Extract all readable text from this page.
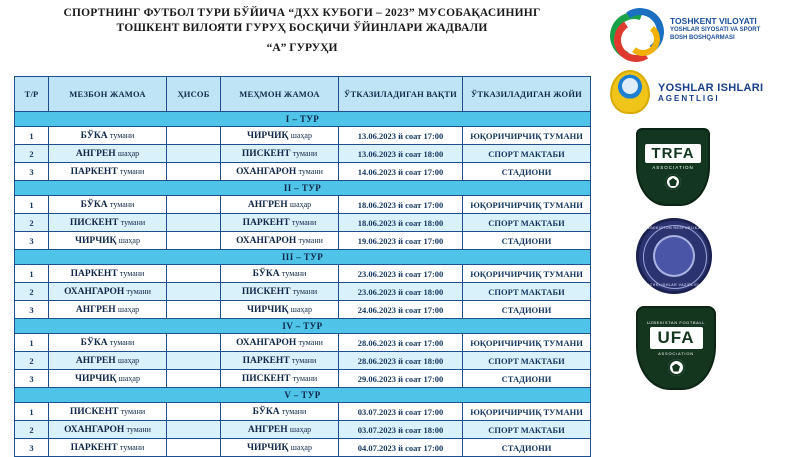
СПОРТНИНГ ФУТБОЛ ТУРИ БЎЙИЧА “ДХХ КУБОГИ – 2023” МУСОБАҚАСИНИНГ
ТОШКЕНТ ВИЛОЯТИ ГУРУҲ БОСҚИЧИ ЎЙИНЛАРИ ЖАДВАЛИ
“А” ГУРУҲИ
Т/Р	МЕЗБОН ЖАМОА	ҲИСОБ	МЕҲМОН ЖАМОА	ЎТКАЗИЛАДИГАН ВАҚТИ	ЎТКАЗИЛАДИГАН ЖОЙИ
I – ТУР					
1	БЎКА тумани		ЧИРЧИҚ шаҳар	13.06.2023 й соат 17:00	ЮҚОРИЧИРЧИҚ ТУМАНИ
2	АНГРЕН шаҳар		ПИСКЕНТ тумани	13.06.2023 й соат 18:00	СПОРТ МАКТАБИ
3	ПАРКЕНТ тумани		ОХАНГАРОН тумани	14.06.2023 й соат 17:00	СТАДИОНИ
II – ТУР					
1	БЎКА тумани		АНГРЕН шаҳар	18.06.2023 й соат 17:00	ЮҚОРИЧИРЧИҚ ТУМАНИ
2	ПИСКЕНТ тумани		ПАРКЕНТ тумани	18.06.2023 й соат 18:00	СПОРТ МАКТАБИ
3	ЧИРЧИҚ шаҳар		ОХАНГАРОН тумани	19.06.2023 й соат 17:00	СТАДИОНИ
III – ТУР					
1	ПАРКЕНТ тумани		БЎКА тумани	23.06.2023 й соат 17:00	ЮҚОРИЧИРЧИҚ ТУМАНИ
2	ОХАНГАРОН тумани		ПИСКЕНТ тумани	23.06.2023 й соат 18:00	СПОРТ МАКТАБИ
3	АНГРЕН шаҳар		ЧИРЧИҚ шаҳар	24.06.2023 й соат 17:00	СТАДИОНИ
IV – ТУР					
1	БЎКА тумани		ОХАНГАРОН тумани	28.06.2023 й соат 17:00	ЮҚОРИЧИРЧИҚ ТУМАНИ
2	АНГРЕН шаҳар		ПАРКЕНТ тумани	28.06.2023 й соат 18:00	СПОРТ МАКТАБИ
3	ЧИРЧИҚ шаҳар		ПИСКЕНТ тумани	29.06.2023 й соат 17:00	СТАДИОНИ
V – ТУР					
1	ПИСКЕНТ тумани		БЎКА тумани	03.07.2023 й соат 17:00	ЮҚОРИЧИРЧИҚ ТУМАНИ
2	ОХАНГАРОН тумани		АНГРЕН шаҳар	03.07.2023 й соат 18:00	СПОРТ МАКТАБИ
3	ПАРКЕНТ тумани		ЧИРЧИҚ шаҳар	04.07.2023 й соат 17:00	СТАДИОНИ
TOSHKENT VILOYATI
YOSHLAR SIYOSATI VA SPORT
BOSH BOSHQARMASI
YOSHLAR ISHLARI
AGENTLIGI
TRFA
ASSOCIATION
O‘ZBEKISTON RESPUBLIKASI
ICHKI ISHLAR VAZIRLIGI
UZBEKISTAN FOOTBALL
UFA
ASSOCIATION
